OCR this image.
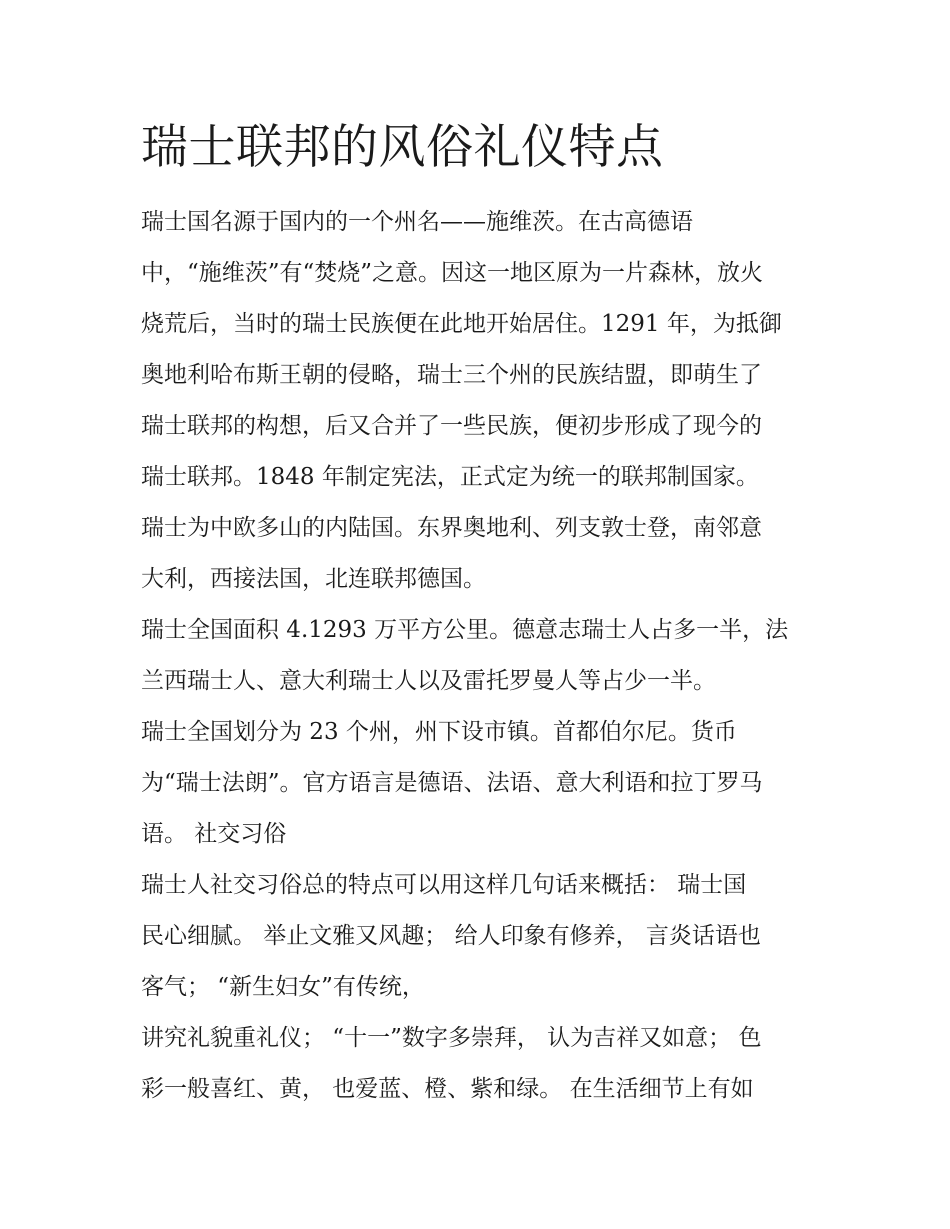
瑞士联邦的风俗礼仪特点
瑞士国名源于国内的一个州名——施维茨。在古高德语
中，“施维茨”有“焚烧”之意。因这一地区原为一片森林，放火
烧荒后，当时的瑞士民族便在此地开始居住。1291 年，为抵御
奥地利哈布斯王朝的侵略，瑞士三个州的民族结盟，即萌生了
瑞士联邦的构想，后又合并了一些民族，便初步形成了现今的
瑞士联邦。1848 年制定宪法，正式定为统一的联邦制国家。
瑞士为中欧多山的内陆国。东界奥地利、列支敦士登，南邻意
大利，西接法国，北连联邦德国。
瑞士全国面积 4.1293 万平方公里。德意志瑞士人占多一半，法
兰西瑞士人、意大利瑞士人以及雷托罗曼人等占少一半。
瑞士全国划分为 23 个州，州下设市镇。首都伯尔尼。货币
为“瑞士法朗”。官方语言是德语、法语、意大利语和拉丁罗马
语。 社交习俗
瑞士人社交习俗总的特点可以用这样几句话来概括： 瑞士国
民心细腻。 举止文雅又风趣； 给人印象有修养， 言炎话语也
客气； “新生妇女”有传统，
讲究礼貌重礼仪； “十一”数字多崇拜， 认为吉祥又如意； 色
彩一般喜红、黄， 也爱蓝、橙、紫和绿。 在生活细节上有如
